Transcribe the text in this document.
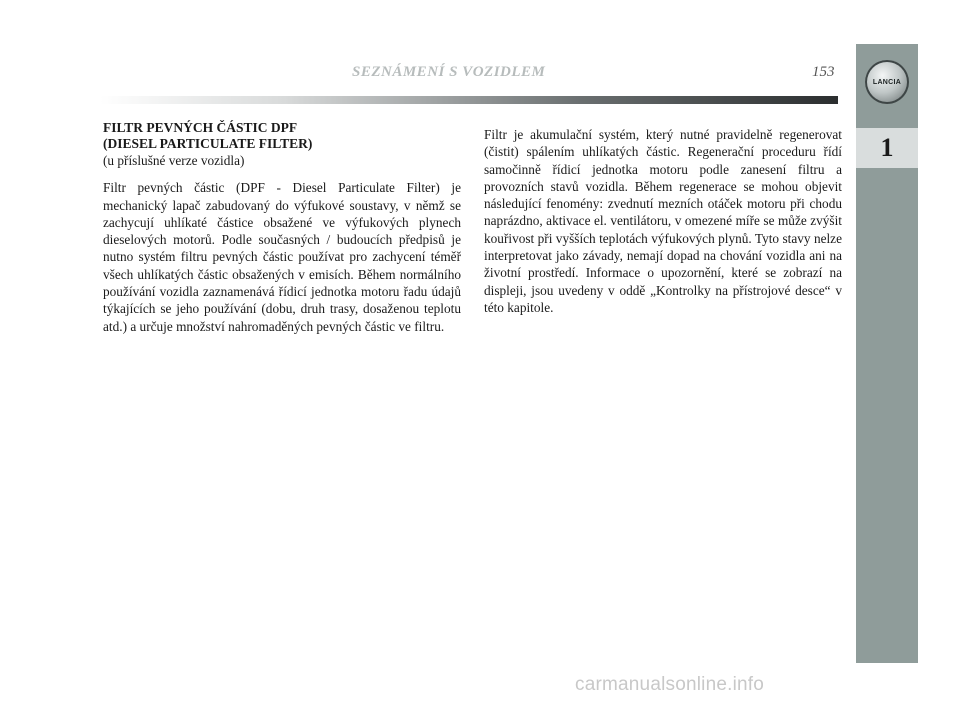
SEZNÁMENÍ S VOZIDLEM	153
LANCIA
1
FILTR PEVNÝCH ČÁSTIC DPF
(DIESEL PARTICULATE FILTER)

(u příslušné verze vozidla)

Filtr pevných částic (DPF - Diesel Particulate Filter) je mechanický lapač zabudovaný do výfukové soustavy, v němž se zachycují uhlíkaté částice obsažené ve výfukových plynech dieselových motorů. Podle současných / budoucích předpisů je nutno systém filtru pevných částic používat pro zachycení téměř všech uhlíkatých částic obsažených v emisích. Během normálního používání vozidla zaznamenává řídicí jednotka motoru řadu údajů týkajících se jeho používání (dobu, druh trasy, dosaženou teplotu atd.) a určuje množství nahromaděných pevných částic ve filtru.

Filtr je akumulační systém, který nutné pravidelně regenerovat (čistit) spálením uhlíkatých částic. Regenerační proceduru řídí samočinně řídicí jednotka motoru podle zanesení filtru a provozních stavů vozidla. Během regenerace se mohou objevit následující fenomény: zvednutí mezních otáček motoru při chodu naprázdno, aktivace el. ventilátoru, v omezené míře se může zvýšit kouřivost při vyšších teplotách výfukových plynů. Tyto stavy nelze interpretovat jako závady, nemají dopad na chování vozidla ani na životní prostředí. Informace o upozornění, které se zobrazí na displeji, jsou uvedeny v oddě „Kontrolky na přístrojové desce“ v této kapitole.

carmanualsonline.info
